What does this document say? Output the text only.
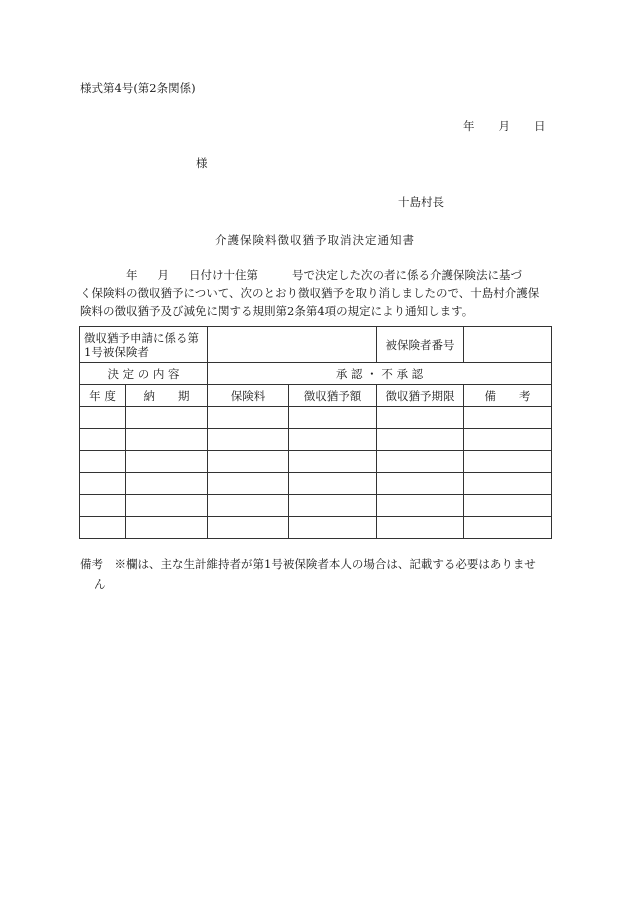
様式第4号(第2条関係)
年 月 日
様
十島村長
介護保険料徴収猶予取消決定通知書
年 月 日付け十住第	号で決定した次の者に係る介護保険法に基づ
く保険料の徴収猶予について、次のとおり徴収猶予を取り消しましたので、十島村介護保
険料の徴収猶予及び減免に関する規則第2条第4項の規定により通知します。
徴収猶予申請に係る第1号被保険者				被保険者番号	
決 定 の 内 容		承 認 ・ 不 承 認			
年 度	納　　期	保険料	徴収猶予額	徴収猶予期限	備　　考

備考　 ※欄は、主な生計維持者が第1号被保険者本人の場合は、記載する必要はありませ
ん
